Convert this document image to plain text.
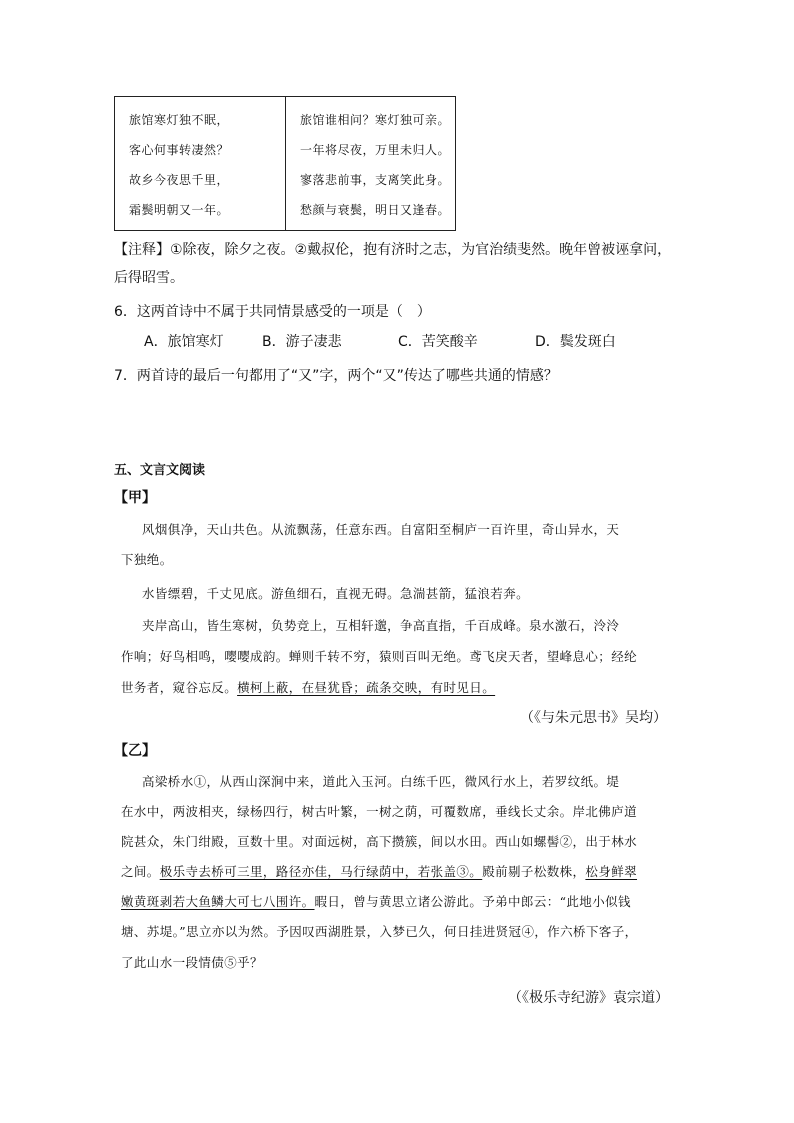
旅馆寒灯独不眠，
客心何事转凄然？
故乡今夜思千里，
霜鬓明朝又一年。
旅馆谁相问？寒灯独可亲。
一年将尽夜，万里未归人。
寥落悲前事，支离笑此身。
愁颜与衰鬓，明日又逢春。
【注释】①除夜，除夕之夜。②戴叔伦，抱有济时之志，为官治绩斐然。晚年曾被诬拿问，
后得昭雪。
6．这两首诗中不属于共同情景感受的一项是（　）
A．旅馆寒灯	B．游子凄悲	C．苦笑酸辛	D．鬓发斑白
7．两首诗的最后一句都用了“又”字，两个“又”传达了哪些共通的情感？
五、文言文阅读
【甲】
风烟俱净，天山共色。从流飘荡，任意东西。自富阳至桐庐一百许里，奇山异水，天
下独绝。
水皆缥碧，千丈见底。游鱼细石，直视无碍。急湍甚箭，猛浪若奔。
夹岸高山，皆生寒树，负势竞上，互相轩邈，争高直指，千百成峰。泉水激石，泠泠
作响；好鸟相鸣，嘤嘤成韵。蝉则千转不穷，猿则百叫无绝。鸢飞戾天者，望峰息心；经纶
世务者，窥谷忘反。横柯上蔽，在昼犹昏；疏条交映，有时见日。
（《与朱元思书》吴均）
【乙】
高梁桥水①，从西山深涧中来，道此入玉河。白练千匹，微风行水上，若罗纹纸。堤
在水中，两波相夹，绿杨四行，树古叶繁，一树之荫，可覆数席，垂线长丈余。岸北佛庐道
院甚众，朱门绀殿，亘数十里。对面远树，高下攒簇，间以水田。西山如螺髻②，出于林水
之间。极乐寺去桥可三里，路径亦佳，马行绿荫中，若张盖③。殿前剔子松数株，松身鲜翠
嫩黄斑剥若大鱼鳞大可七八围许。暇日，曾与黄思立诸公游此。予弟中郎云：“此地小似钱
塘、苏堤。”思立亦以为然。予因叹西湖胜景，入梦已久，何日挂进贤冠④，作六桥下客子，
了此山水一段情债⑤乎？
（《极乐寺纪游》袁宗道）
